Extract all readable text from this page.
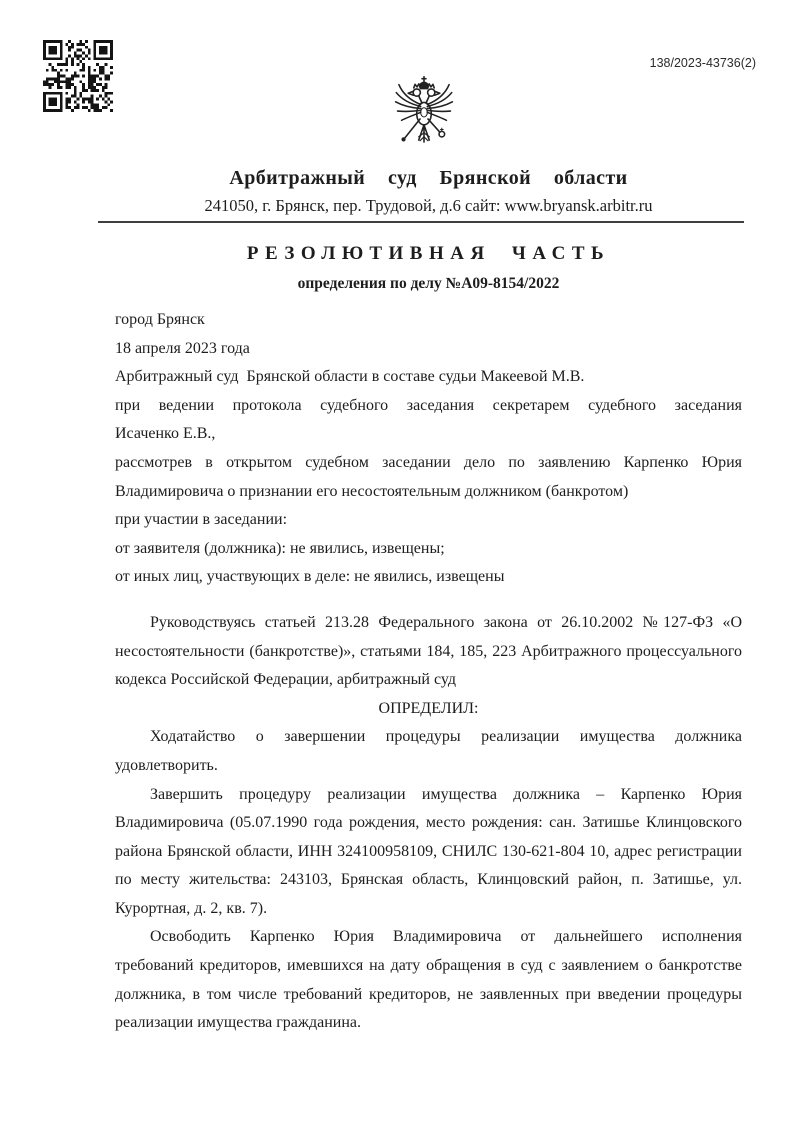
138/2023-43736(2)
Арбитражный  суд  Брянской  области
241050, г. Брянск, пер. Трудовой, д.6 сайт: www.bryansk.arbitr.ru
РЕЗОЛЮТИВНАЯ ЧАСТЬ
определения по делу №А09-8154/2022
город Брянск
18 апреля 2023 года
Арбитражный суд  Брянской области в составе судьи Макеевой М.В.
при ведении протокола судебного заседания секретарем судебного заседания
Исаченко Е.В.,
рассмотрев в открытом судебном заседании дело по заявлению Карпенко Юрия
Владимировича о признании его несостоятельным должником (банкротом)
при участии в заседании:
от заявителя (должника): не явились, извещены;
от иных лиц, участвующих в деле: не явились, извещены
Руководствуясь статьей 213.28 Федерального закона от 26.10.2002 №127-ФЗ «О
несостоятельности (банкротстве)», статьями 184, 185, 223 Арбитражного процессуального
кодекса Российской Федерации, арбитражный суд
ОПРЕДЕЛИЛ:
Ходатайство о завершении процедуры реализации имущества должника
удовлетворить.
Завершить процедуру реализации имущества должника – Карпенко Юрия
Владимировича (05.07.1990 года рождения, место рождения: сан. Затишье Клинцовского
района Брянской области, ИНН 324100958109, СНИЛС 130-621-804 10, адрес регистрации
по месту жительства: 243103, Брянская область, Клинцовский район, п. Затишье, ул.
Курортная, д. 2, кв. 7).
Освободить Карпенко Юрия Владимировича от дальнейшего исполнения
требований кредиторов, имевшихся на дату обращения в суд с заявлением о банкротстве
должника, в том числе требований кредиторов, не заявленных при введении процедуры
реализации имущества гражданина.
